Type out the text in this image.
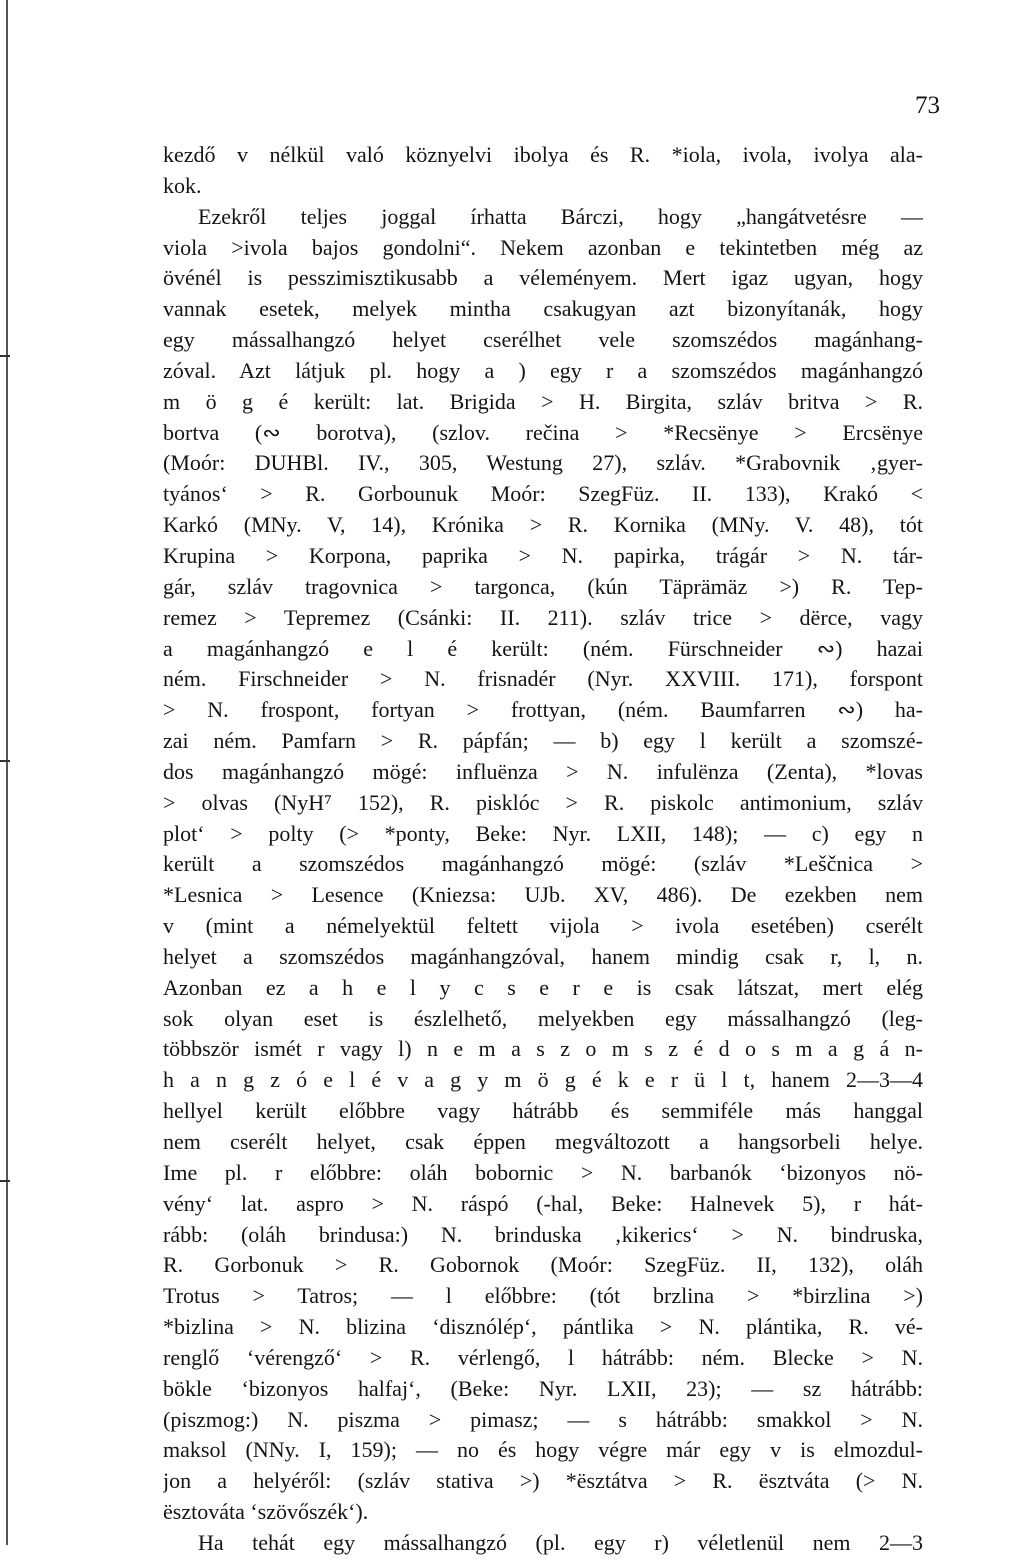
73
kezdő v nélkül való köznyelvi ibolya és R. *iola, ivola, ivolya ala-
kok.
Ezekről teljes joggal írhatta Bárczi, hogy „hangátvetésre —
viola >ivola bajos gondolni“. Nekem azonban e tekintetben még az
övénél is pesszimisztikusabb a véleményem. Mert igaz ugyan, hogy
vannak esetek, melyek mintha csakugyan azt bizonyítanák, hogy
egy mássalhangzó helyet cserélhet vele szomszédos magánhang-
zóval. Azt látjuk pl. hogy a ) egy r a szomszédos magánhangzó
m ö g é került: lat. Brigida > H. Birgita, szláv britva > R.
bortva (∾ borotva), (szlov. rečina > *Recsënye > Ercsënye
(Moór: DUHBl. IV., 305, Westung 27), szláv. *Grabovnik ‚gyer-
tyános‘ > R. Gorbounuk Moór: SzegFüz. II. 133), Krakó <
Karkó (MNy. V, 14), Krónika > R. Kornika (MNy. V. 48), tót
Krupina > Korpona, paprika > N. papirka, trágár > N. tár-
gár, szláv tragovnica > targonca, (kún Täprämäz >) R. Tep-
remez > Tepremez (Csánki: II. 211). szláv trice > dërce, vagy
a magánhangzó e l é került: (ném. Fürschneider ∾) hazai
ném. Firschneider > N. frisnadér (Nyr. XXVIII. 171), forspont
> N. frospont, fortyan > frottyan, (ném. Baumfarren ∾) ha-
zai ném. Pamfarn > R. pápfán; — b) egy l került a szomszé-
dos magánhangzó mögé: influënza > N. infulënza (Zenta), *lovas
> olvas (NyH⁷ 152), R. pisklóc > R. piskolc antimonium, szláv
plot‘ > polty (> *ponty, Beke: Nyr. LXII, 148); — c) egy n
került a szomszédos magánhangzó mögé: (szláv *Leščnica >
*Lesnica > Lesence (Kniezsa: UJb. XV, 486). De ezekben nem
v (mint a némelyektül feltett vijola > ivola esetében) cserélt
helyet a szomszédos magánhangzóval, hanem mindig csak r, l, n.
Azonban ez a h e l y c s e r e is csak látszat, mert elég
sok olyan eset is észlelhető, melyekben egy mássalhangzó (leg-
többször ismét r vagy l) n e m a s z o m s z é d o s m a g á n-
h a n g z ó e l é v a g y m ö g é k e r ü l t, hanem 2—3—4
hellyel került előbbre vagy hátrább és semmiféle más hanggal
nem cserélt helyet, csak éppen megváltozott a hangsorbeli helye.
Ime pl. r előbbre: oláh bobornic > N. barbanók ‘bizonyos nö-
vény‘ lat. aspro > N. ráspó (-hal, Beke: Halnevek 5), r hát-
rább: (oláh brindusa:) N. brinduska ‚kikerics‘ > N. bindruska,
R. Gorbonuk > R. Gobornok (Moór: SzegFüz. II, 132), oláh
Trotus > Tatros; — l előbbre: (tót brzlina > *birzlina >)
*bizlina > N. blizina ‘disznólép‘, pántlika > N. plántika, R. vé-
renglő ‘vérengző‘ > R. vérlengő, l hátrább: ném. Blecke > N.
bökle ‘bizonyos halfaj‘, (Beke: Nyr. LXII, 23); — sz hátrább:
(piszmog:) N. piszma > pimasz; — s hátrább: smakkol > N.
maksol (NNy. I, 159); — no és hogy végre már egy v is elmozdul-
jon a helyéről: (szláv stativa >) *ësztátva > R. ësztváta (> N.
ësztováta ‘szövőszék‘).
Ha tehát egy mássalhangzó (pl. egy r) véletlenül nem 2—3
